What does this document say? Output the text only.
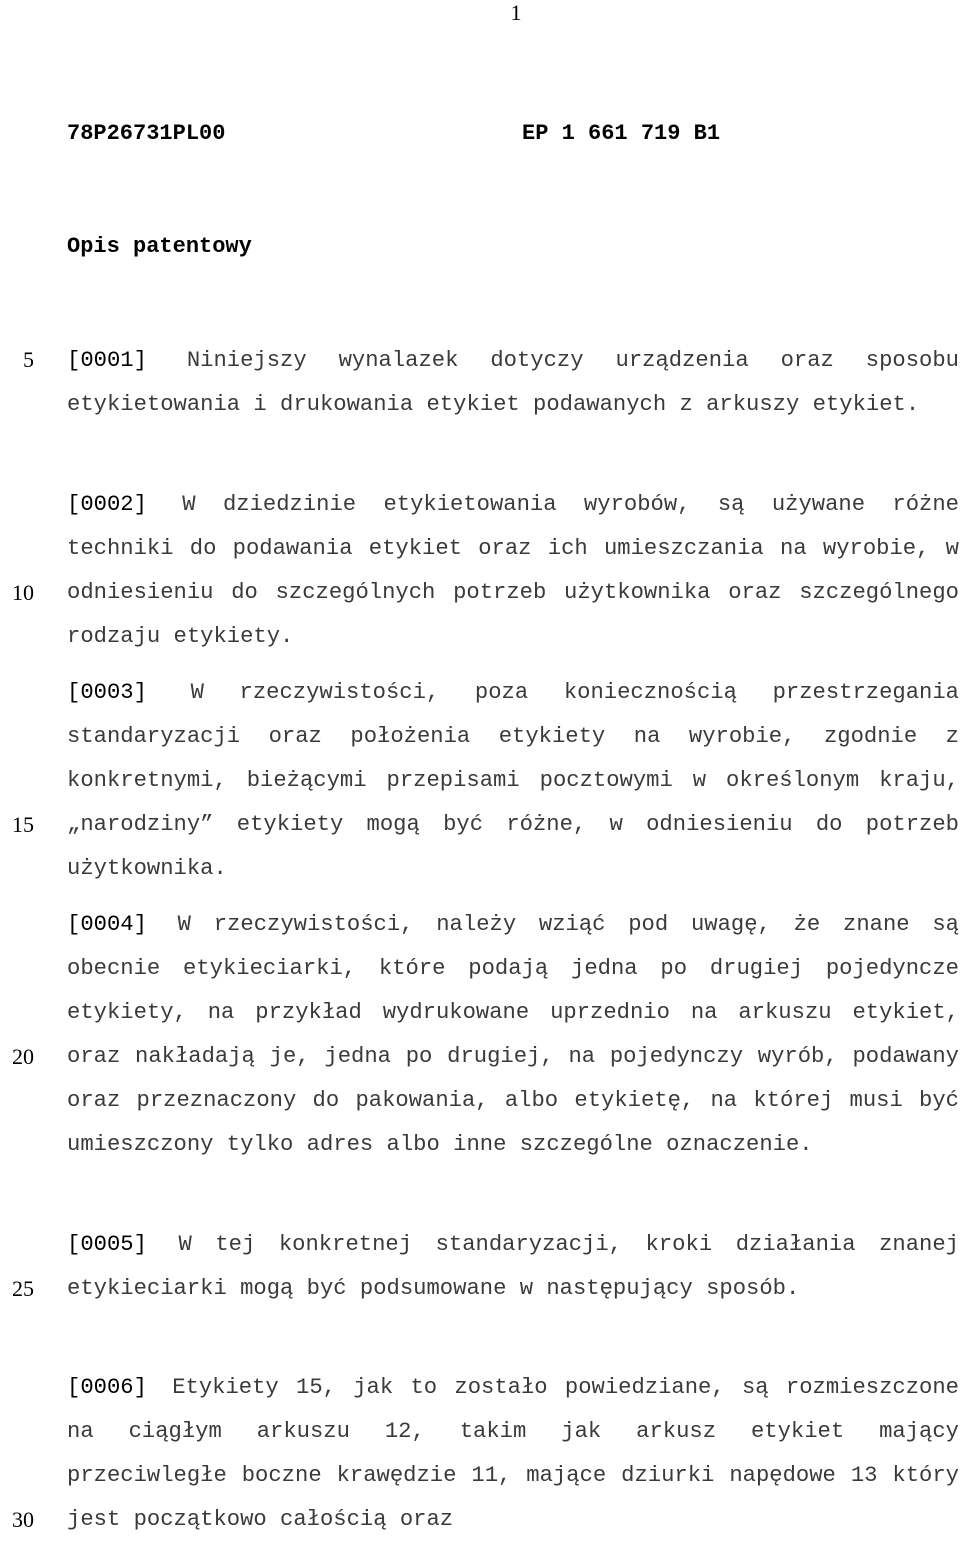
1
78P26731PL00	EP 1 661 719 B1
Opis patentowy
5
10
15
20
25
30
[0001] Niniejszy wynalazek dotyczy urządzenia oraz sposobu etykietowania i drukowania etykiet podawanych z arkuszy etykiet.
[0002] W dziedzinie etykietowania wyrobów, są używane różne techniki do podawania etykiet oraz ich umieszczania na wyrobie, w odniesieniu do szczególnych potrzeb użytkownika oraz szczególnego rodzaju etykiety.
[0003] W rzeczywistości, poza koniecznością przestrzegania standaryzacji oraz położenia etykiety na wyrobie, zgodnie z konkretnymi, bieżącymi przepisami pocztowymi w określonym kraju, „narodziny” etykiety mogą być różne, w odniesieniu do potrzeb użytkownika.
[0004] W rzeczywistości, należy wziąć pod uwagę, że znane są obecnie etykieciarki, które podają jedna po drugiej pojedyncze etykiety, na przykład wydrukowane uprzednio na arkuszu etykiet, oraz nakładają je, jedna po drugiej, na pojedynczy wyrób, podawany oraz przeznaczony do pakowania, albo etykietę, na której musi być umieszczony tylko adres albo inne szczególne oznaczenie.
[0005] W tej konkretnej standaryzacji, kroki działania znanej etykieciarki mogą być podsumowane w następujący sposób.
[0006] Etykiety 15, jak to zostało powiedziane, są rozmieszczone na ciągłym arkuszu 12, takim jak arkusz etykiet mający przeciwległe boczne krawędzie 11, mające dziurki napędowe 13 który jest początkowo całością oraz
